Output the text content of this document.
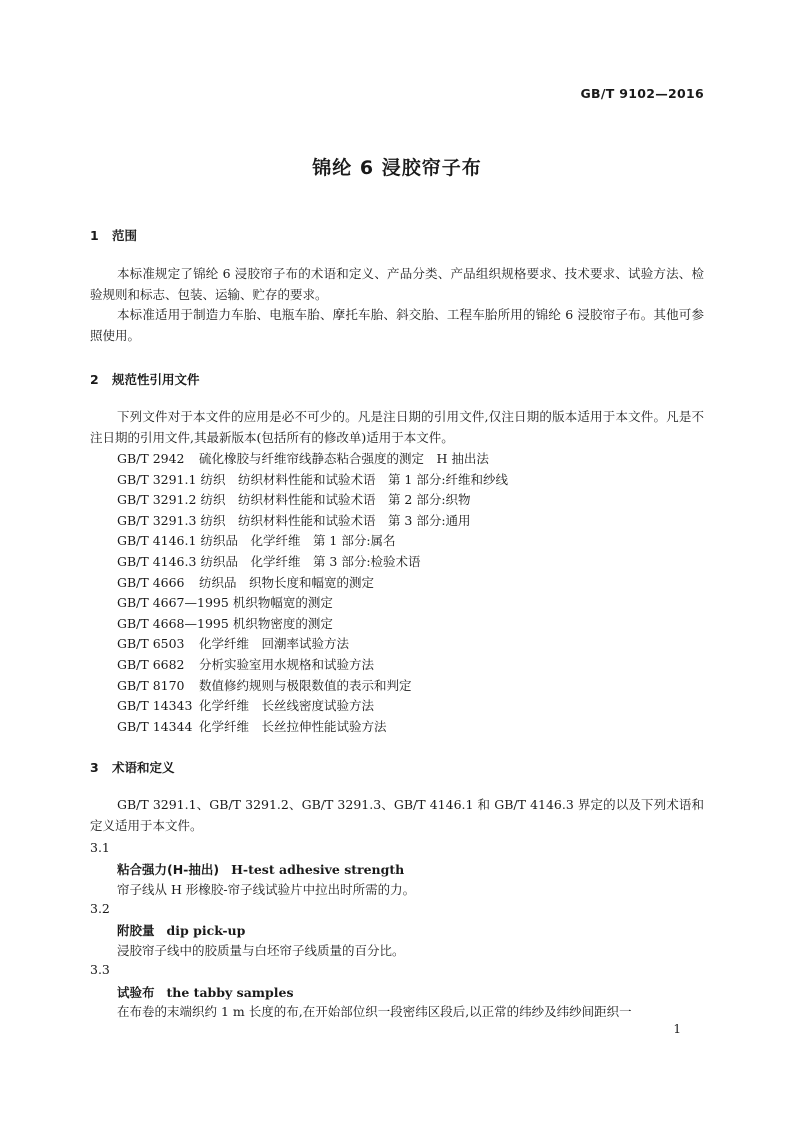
GB/T 9102—2016
锦纶 6 浸胶帘子布
1 范围

本标准规定了锦纶 6 浸胶帘子布的术语和定义、产品分类、产品组织规格要求、技术要求、试验方法、检验规则和标志、包装、运输、贮存的要求。

本标准适用于制造力车胎、电瓶车胎、摩托车胎、斜交胎、工程车胎所用的锦纶 6 浸胶帘子布。其他可参照使用。

2 规范性引用文件

下列文件对于本文件的应用是必不可少的。凡是注日期的引用文件,仅注日期的版本适用于本文件。凡是不注日期的引用文件,其最新版本(包括所有的修改单)适用于本文件。

GB/T 2942 硫化橡胶与纤维帘线静态粘合强度的测定　H 抽出法
GB/T 3291.1 纺织　纺织材料性能和试验术语　第 1 部分:纤维和纱线
GB/T 3291.2 纺织　纺织材料性能和试验术语　第 2 部分:织物
GB/T 3291.3 纺织　纺织材料性能和试验术语　第 3 部分:通用
GB/T 4146.1 纺织品　化学纤维　第 1 部分:属名
GB/T 4146.3 纺织品　化学纤维　第 3 部分:检验术语
GB/T 4666 纺织品　织物长度和幅宽的测定
GB/T 4667—1995 机织物幅宽的测定
GB/T 4668—1995 机织物密度的测定
GB/T 6503 化学纤维　回潮率试验方法
GB/T 6682 分析实验室用水规格和试验方法
GB/T 8170 数值修约规则与极限数值的表示和判定
GB/T 14343 化学纤维　长丝线密度试验方法
GB/T 14344 化学纤维　长丝拉伸性能试验方法
3 术语和定义

GB/T 3291.1、GB/T 3291.2、GB/T 3291.3、GB/T 4146.1 和 GB/T 4146.3 界定的以及下列术语和定义适用于本文件。

3.1
粘合强力(H-抽出) H-test adhesive strength
帘子线从 H 形橡胶-帘子线试验片中拉出时所需的力。
3.2
附胶量 dip pick-up
浸胶帘子线中的胶质量与白坯帘子线质量的百分比。
3.3
试验布 the tabby samples
在布卷的末端织约 1 m 长度的布,在开始部位织一段密纬区段后,以正常的纬纱及纬纱间距织一
1
